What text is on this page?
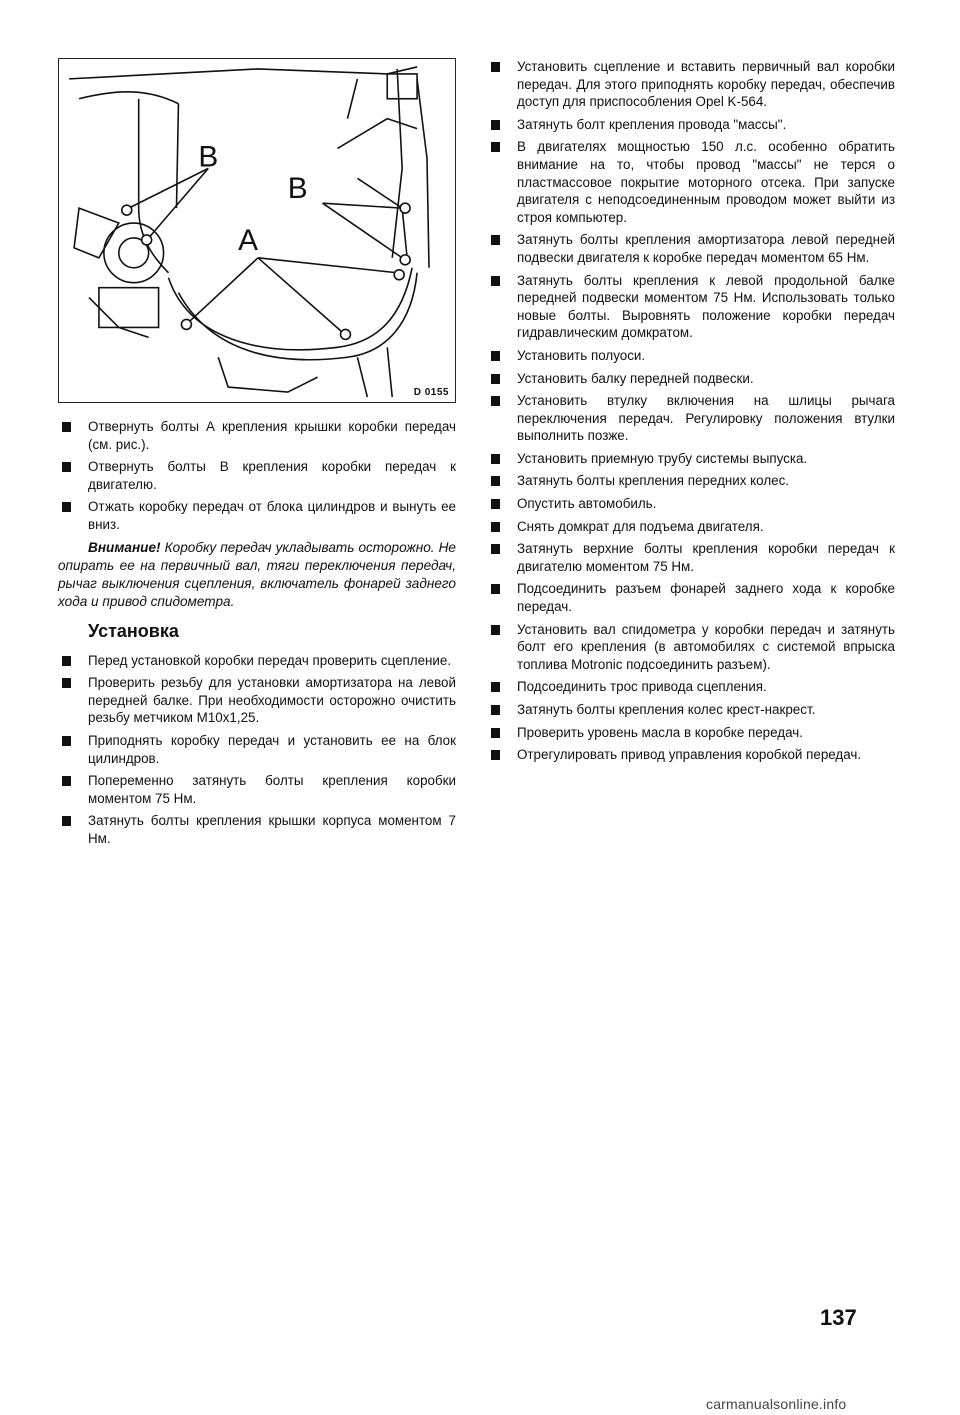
B
B
A
D 0155
Отвернуть болты А крепления крышки коробки передач (см. рис.).
Отвернуть болты В крепления коробки передач к двигателю.
Отжать коробку передач от блока цилиндров и вынуть ее вниз.

Внимание! Коробку передач укладывать осторожно. Не опирать ее на первичный вал, тяги переключения передач, рычаг выключения сцепления, включатель фонарей заднего хода и привод спидометра.

Установка
Перед установкой коробки передач проверить сцепление.
Проверить резьбу для установки амортизатора на левой передней балке. При необходимости осторожно очистить резьбу метчиком M10x1,25.
Приподнять коробку передач и установить ее на блок цилиндров.
Попеременно затянуть болты крепления коробки моментом 75 Нм.
Затянуть болты крепления крышки корпуса моментом 7 Нм.
Установить сцепление и вставить первичный вал коробки передач. Для этого приподнять коробку передач, обеспечив доступ для приспособления Opel K-564.
Затянуть болт крепления провода "массы".
В двигателях мощностью 150 л.с. особенно обратить внимание на то, чтобы провод "массы" не терся о пластмассовое покрытие моторного отсека. При запуске двигателя с неподсоединенным проводом может выйти из строя компьютер.
Затянуть болты крепления амортизатора левой передней подвески двигателя к коробке передач моментом 65 Нм.
Затянуть болты крепления к левой продольной балке передней подвески моментом 75 Нм. Использовать только новые болты. Выровнять положение коробки передач гидравлическим домкратом.
Установить полуоси.
Установить балку передней подвески.
Установить втулку включения на шлицы рычага переключения передач. Регулировку положения втулки выполнить позже.
Установить приемную трубу системы выпуска.
Затянуть болты крепления передних колес.
Опустить автомобиль.
Снять домкрат для подъема двигателя.
Затянуть верхние болты крепления коробки передач к двигателю моментом 75 Нм.
Подсоединить разъем фонарей заднего хода к коробке передач.
Установить вал спидометра у коробки передач и затянуть болт его крепления (в автомобилях с системой впрыска топлива Motronic подсоединить разъем).
Подсоединить трос привода сцепления.
Затянуть болты крепления колес крест-накрест.
Проверить уровень масла в коробке передач.
Отрегулировать привод управления коробкой передач.
137
carmanualsonline.info
